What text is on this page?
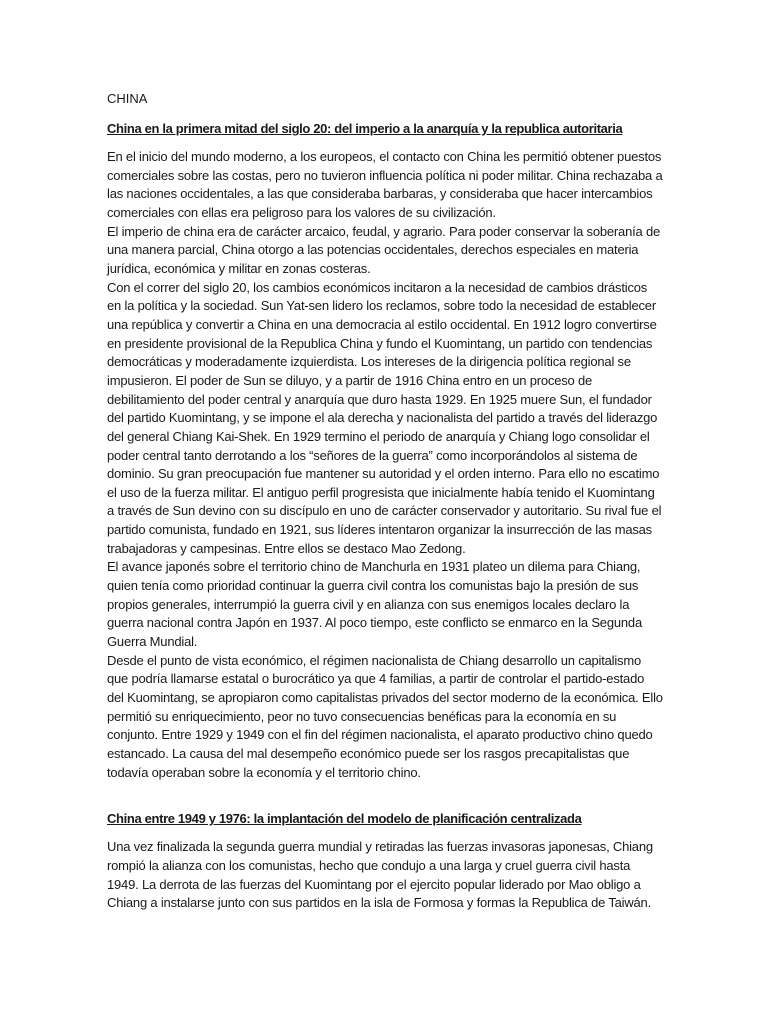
CHINA
China en la primera mitad del siglo 20: del imperio a la anarquía y la republica autoritaria

En el inicio del mundo moderno, a los europeos, el contacto con China les permitió obtener puestos comerciales sobre las costas, pero no tuvieron influencia política ni poder militar. China rechazaba a las naciones occidentales, a las que consideraba barbaras, y consideraba que hacer intercambios comerciales con ellas era peligroso para los valores de su civilización.

El imperio de china era de carácter arcaico, feudal, y agrario. Para poder conservar la soberanía de una manera parcial, China otorgo a las potencias occidentales, derechos especiales en materia jurídica, económica y militar en zonas costeras.

Con el correr del siglo 20, los cambios económicos incitaron a la necesidad de cambios drásticos en la política y la sociedad. Sun Yat-sen lidero los reclamos, sobre todo la necesidad de establecer una república y convertir a China en una democracia al estilo occidental. En 1912 logro convertirse en presidente provisional de la Republica China y fundo el Kuomintang, un partido con tendencias democráticas y moderadamente izquierdista. Los intereses de la dirigencia política regional se impusieron. El poder de Sun se diluyo, y a partir de 1916 China entro en un proceso de debilitamiento del poder central y anarquía que duro hasta 1929. En 1925 muere Sun, el fundador del partido Kuomintang, y se impone el ala derecha y nacionalista del partido a través del liderazgo del general Chiang Kai-Shek. En 1929 termino el periodo de anarquía y Chiang logo consolidar el poder central tanto derrotando a los “señores de la guerra” como incorporándolos al sistema de dominio. Su gran preocupación fue mantener su autoridad y el orden interno. Para ello no escatimo el uso de la fuerza militar. El antiguo perfil progresista que inicialmente había tenido el Kuomintang a través de Sun devino con su discípulo en uno de carácter conservador y autoritario. Su rival fue el partido comunista, fundado en 1921, sus líderes intentaron organizar la insurrección de las masas trabajadoras y campesinas. Entre ellos se destaco Mao Zedong.

El avance japonés sobre el territorio chino de Manchurla en 1931 plateo un dilema para Chiang, quien tenía como prioridad continuar la guerra civil contra los comunistas bajo la presión de sus propios generales, interrumpió la guerra civil y en alianza con sus enemigos locales declaro la guerra nacional contra Japón en 1937. Al poco tiempo, este conflicto se enmarco en la Segunda Guerra Mundial.

Desde el punto de vista económico, el régimen nacionalista de Chiang desarrollo un capitalismo que podría llamarse estatal o burocrático ya que 4 familias, a partir de controlar el partido-estado del Kuomintang, se apropiaron como capitalistas privados del sector moderno de la económica. Ello permitió su enriquecimiento, peor no tuvo consecuencias benéficas para la economía en su conjunto. Entre 1929 y 1949 con el fin del régimen nacionalista, el aparato productivo chino quedo estancado. La causa del mal desempeño económico puede ser los rasgos precapitalistas que todavía operaban sobre la economía y el territorio chino.

China entre 1949 y 1976: la implantación del modelo de planificación centralizada

Una vez finalizada la segunda guerra mundial y retiradas las fuerzas invasoras japonesas, Chiang rompió la alianza con los comunistas, hecho que condujo a una larga y cruel guerra civil hasta 1949. La derrota de las fuerzas del Kuomintang por el ejercito popular liderado por Mao obligo a Chiang a instalarse junto con sus partidos en la isla de Formosa y formas la Republica de Taiwán.
